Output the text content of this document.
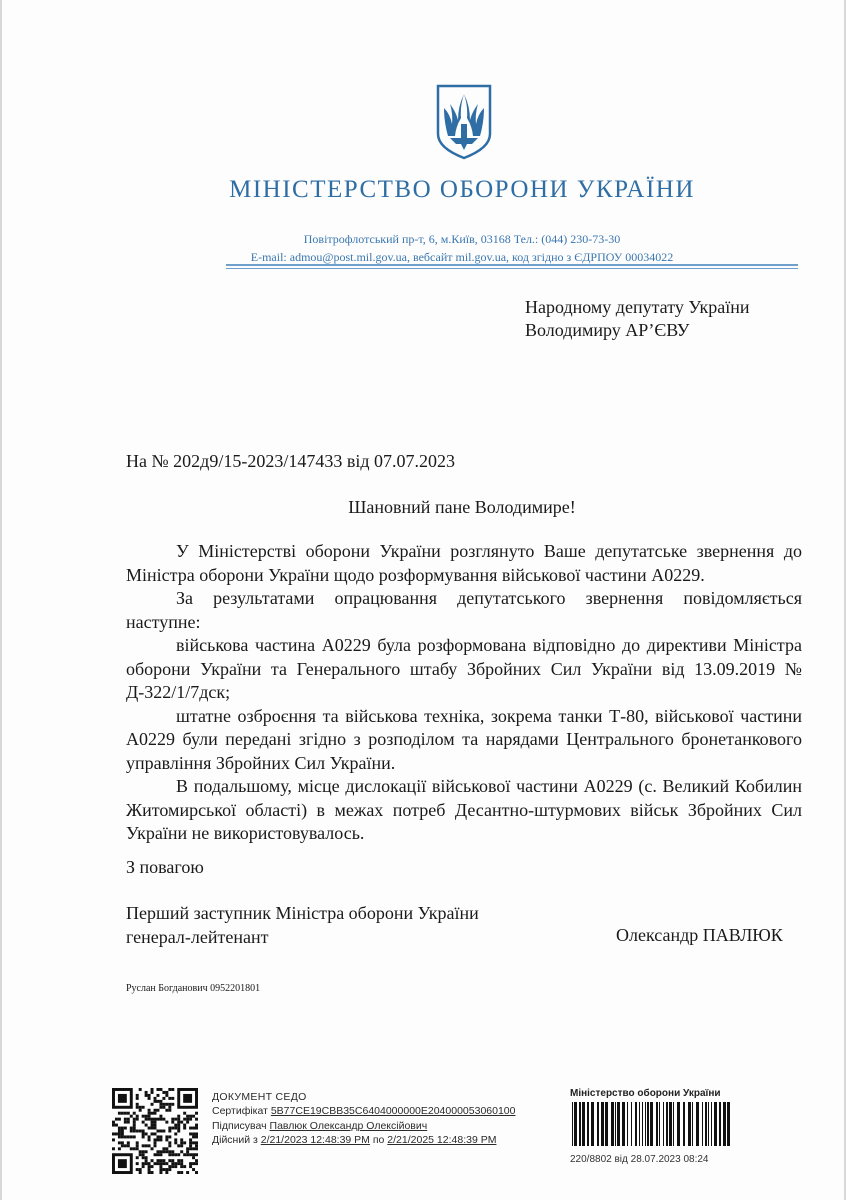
МІНІСТЕРСТВО ОБОРОНИ УКРАЇНИ
Повітрофлотський пр-т, 6, м.Київ, 03168 Тел.: (044) 230-73-30
E-mail: admou@post.mil.gov.ua, вебсайт mil.gov.ua, код згідно з ЄДРПОУ 00034022
Народному депутату України
Володимиру АР’ЄВУ
На № 202д9/15-2023/147433 від 07.07.2023
Шановний пане Володимире!

У Міністерстві оборони України розглянуто Ваше депутатське звернення до Міністра оборони України щодо розформування військової частини А0229.

За результатами опрацювання депутатського звернення повідомляється наступне:

військова частина А0229 була розформована відповідно до директиви Міністра оборони України та Генерального штабу Збройних Сил України від 13.09.2019 № Д-322/1/7дск;

штатне озброєння та військова техніка, зокрема танки Т-80, військової частини А0229 були передані згідно з розподілом та нарядами Центрального бронетанкового управління Збройних Сил України.

В подальшому, місце дислокації військової частини А0229 (с. Великий Кобилин Житомирської області) в межах потреб Десантно-штурмових військ Збройних Сил України не використовувалось.

З повагою
Перший заступник Міністра оборони України
генерал-лейтенант	Олександр ПАВЛЮК
Руслан Богданович 0952201801
ДОКУМЕНТ СЕДО
Сертифікат 5B77CE19CBB35C6404000000E204000053060100
Підписувач Павлюк Олександр Олексійович
Дійсний з 2/21/2023 12:48:39 PM по 2/21/2025 12:48:39 PM
Міністерство оборони України
220/8802 від 28.07.2023 08:24
